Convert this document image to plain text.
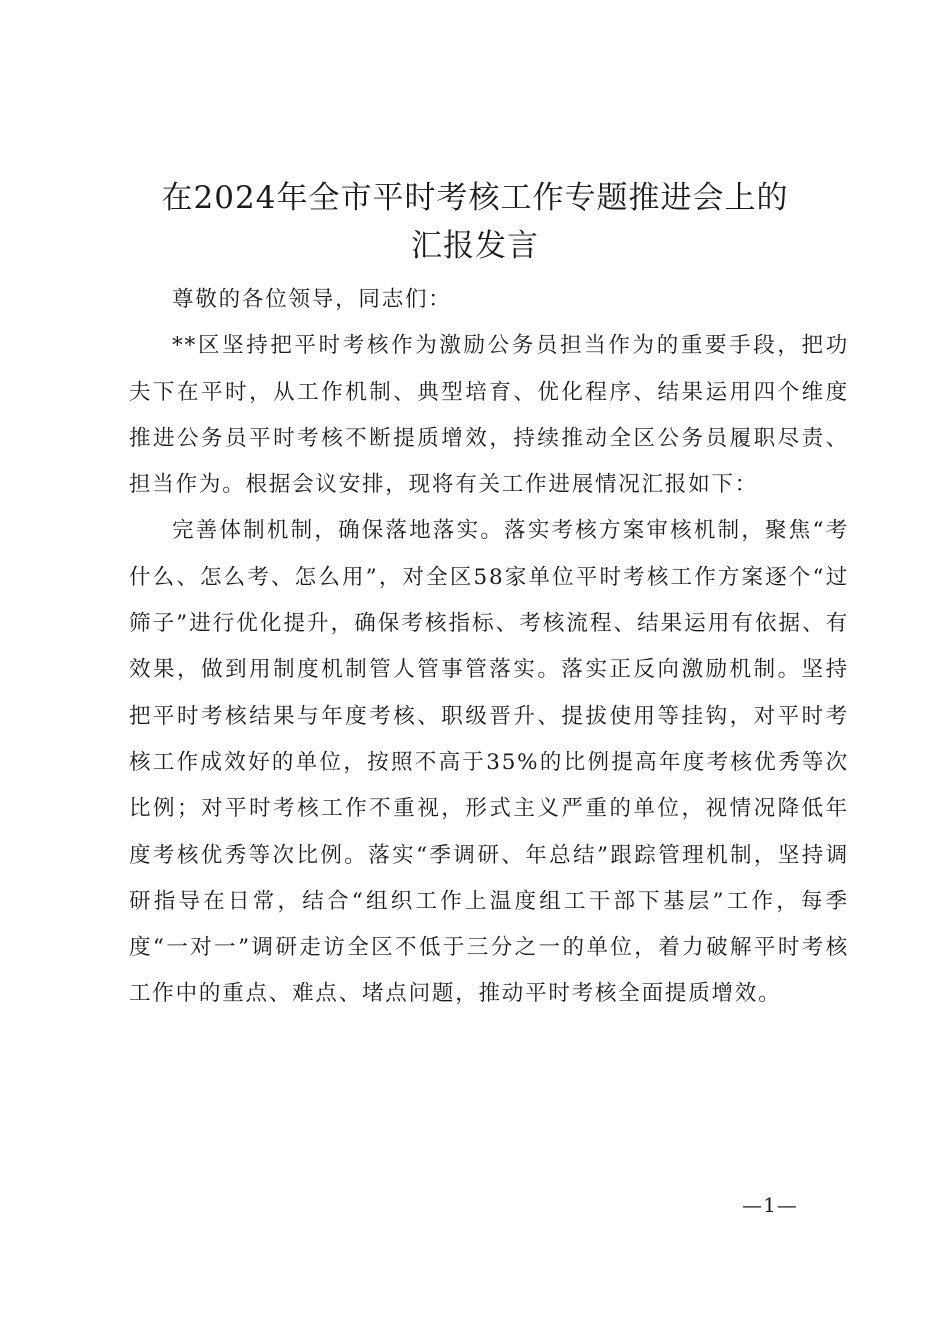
在2024年全市平时考核工作专题推进会上的
汇报发言

尊敬的各位领导，同志们：

**区坚持把平时考核作为激励公务员担当作为的重要手段，把功夫下在平时，从工作机制、典型培育、优化程序、结果运用四个维度推进公务员平时考核不断提质增效，持续推动全区公务员履职尽责、担当作为。根据会议安排，现将有关工作进展情况汇报如下：

完善体制机制，确保落地落实。落实考核方案审核机制，聚焦“考什么、怎么考、怎么用”，对全区58家单位平时考核工作方案逐个“过筛子”进行优化提升，确保考核指标、考核流程、结果运用有依据、有效果，做到用制度机制管人管事管落实。落实正反向激励机制。坚持把平时考核结果与年度考核、职级晋升、提拔使用等挂钩，对平时考核工作成效好的单位，按照不高于35%的比例提高年度考核优秀等次比例；对平时考核工作不重视，形式主义严重的单位，视情况降低年度考核优秀等次比例。落实“季调研、年总结”跟踪管理机制，坚持调研指导在日常，结合“组织工作上温度组工干部下基层”工作，每季度“一对一”调研走访全区不低于三分之一的单位，着力破解平时考核工作中的重点、难点、堵点问题，推动平时考核全面提质增效。

—1—
